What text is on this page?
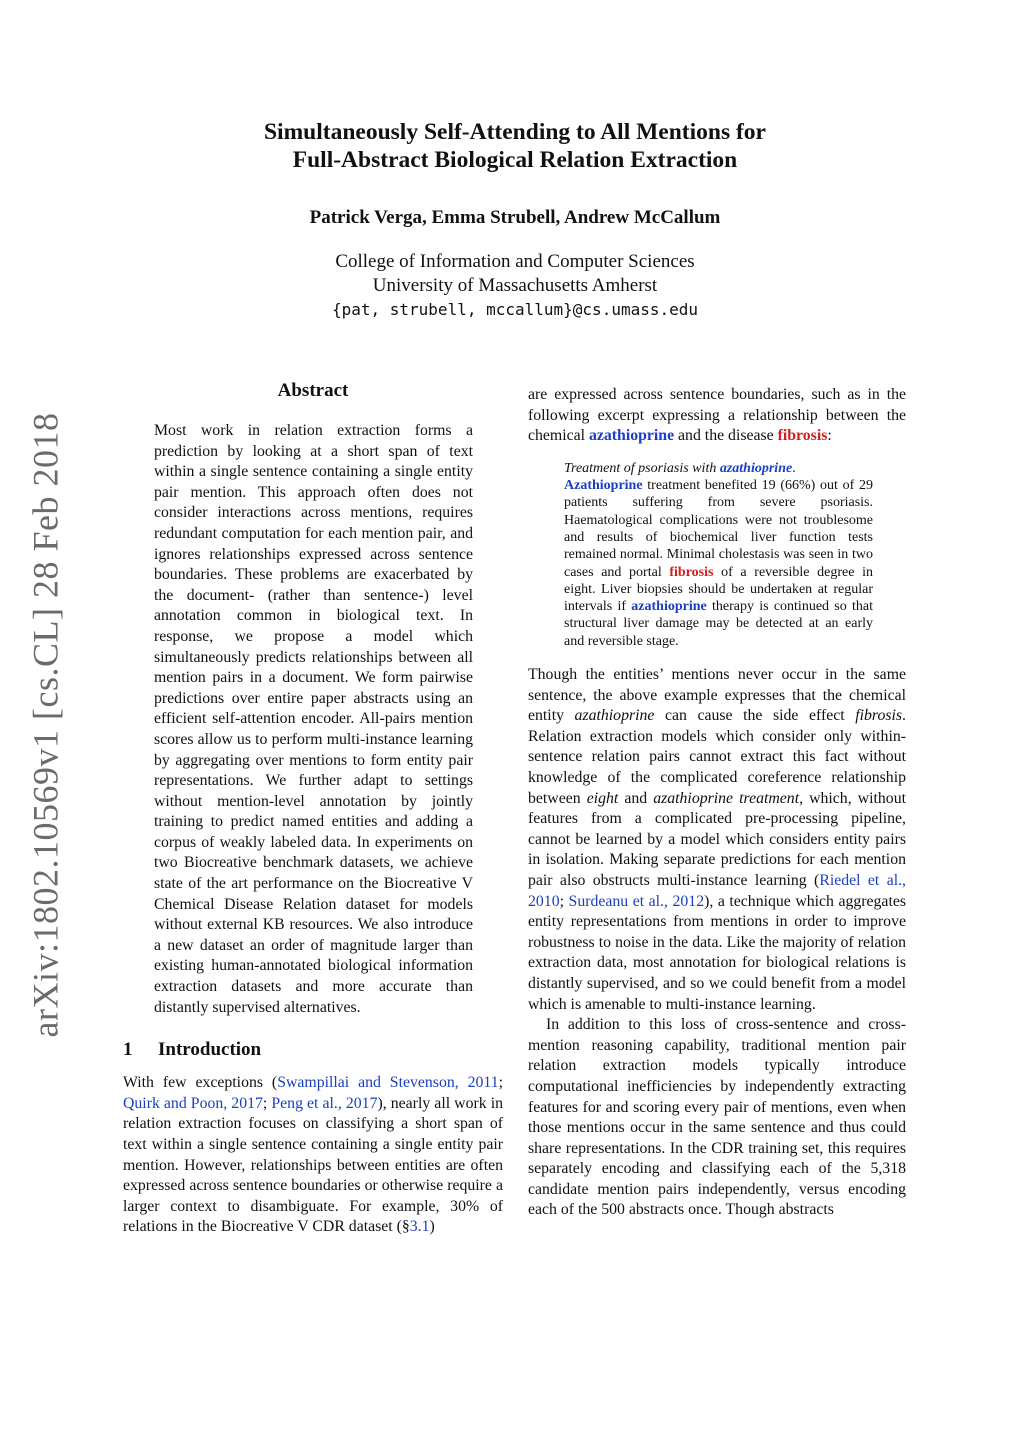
arXiv:1802.10569v1 [cs.CL] 28 Feb 2018
Simultaneously Self-Attending to All Mentions for
Full-Abstract Biological Relation Extraction
Patrick Verga, Emma Strubell, Andrew McCallum
College of Information and Computer Sciences
University of Massachusetts Amherst
{pat, strubell, mccallum}@cs.umass.edu
Abstract

Most work in relation extraction forms a prediction by looking at a short span of text within a single sentence containing a single entity pair mention. This approach often does not consider interactions across mentions, requires redundant computation for each mention pair, and ignores relationships expressed across sentence boundaries. These problems are exacerbated by the document- (rather than sentence-) level annotation common in biological text. In response, we propose a model which simultaneously predicts relationships between all mention pairs in a document. We form pairwise predictions over entire paper abstracts using an efficient self-attention encoder. All-pairs mention scores allow us to perform multi-instance learning by aggregating over mentions to form entity pair representations. We further adapt to settings without mention-level annotation by jointly training to predict named entities and adding a corpus of weakly labeled data. In experiments on two Biocreative benchmark datasets, we achieve state of the art performance on the Biocreative V Chemical Disease Relation dataset for models without external KB resources. We also introduce a new dataset an order of magnitude larger than existing human-annotated biological information extraction datasets and more accurate than distantly supervised alternatives.

1 Introduction

With few exceptions (Swampillai and Stevenson, 2011; Quirk and Poon, 2017; Peng et al., 2017), nearly all work in relation extraction focuses on classifying a short span of text within a single sentence containing a single entity pair mention. However, relationships between entities are often expressed across sentence boundaries or otherwise require a larger context to disambiguate. For example, 30% of relations in the Biocreative V CDR dataset (§3.1)

are expressed across sentence boundaries, such as in the following excerpt expressing a relationship between the chemical azathioprine and the disease fibrosis:

Treatment of psoriasis with azathioprine.
Azathioprine treatment benefited 19 (66%) out of 29 patients suffering from severe psoriasis. Haematological complications were not troublesome and results of biochemical liver function tests remained normal. Minimal cholestasis was seen in two cases and portal fibrosis of a reversible degree in eight. Liver biopsies should be undertaken at regular intervals if azathioprine therapy is continued so that structural liver damage may be detected at an early and reversible stage.

Though the entities’ mentions never occur in the same sentence, the above example expresses that the chemical entity azathioprine can cause the side effect fibrosis. Relation extraction models which consider only within-sentence relation pairs cannot extract this fact without knowledge of the complicated coreference relationship between eight and azathioprine treatment, which, without features from a complicated pre-processing pipeline, cannot be learned by a model which considers entity pairs in isolation. Making separate predictions for each mention pair also obstructs multi-instance learning (Riedel et al., 2010; Surdeanu et al., 2012), a technique which aggregates entity representations from mentions in order to improve robustness to noise in the data. Like the majority of relation extraction data, most annotation for biological relations is distantly supervised, and so we could benefit from a model which is amenable to multi-instance learning.

In addition to this loss of cross-sentence and cross-mention reasoning capability, traditional mention pair relation extraction models typically introduce computational inefficiencies by independently extracting features for and scoring every pair of mentions, even when those mentions occur in the same sentence and thus could share representations. In the CDR training set, this requires separately encoding and classifying each of the 5,318 candidate mention pairs independently, versus encoding each of the 500 abstracts once. Though abstracts
